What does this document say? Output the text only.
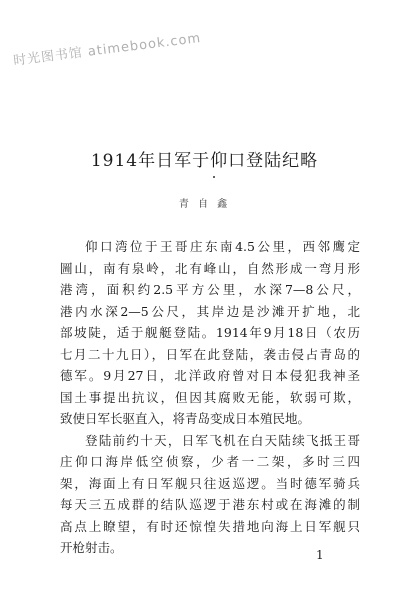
时光图书馆 atimebook.com
1914年日军于仰口登陆纪略
青 自 鑫
仰口湾位于王哥庄东南4.5公里，西邻鹰定
圌山，南有泉岭，北有峰山，自然形成一弯月形
港湾，面积约2.5平方公里，水深7—8公尺，
港内水深2—5公尺，其岸边是沙滩开扩地，北
部坡陡，适于舰艇登陆。1914年9月18日（农历
七月二十九日），日军在此登陆，袭击侵占青岛的
德军。9月27日，北洋政府曾对日本侵犯我神圣
国土事提出抗议，但因其腐败无能，软弱可欺，
致使日军长驱直入，将青岛变成日本殖民地。
登陆前约十天，日军飞机在白天陆续飞抵王哥
庄仰口海岸低空侦察，少者一二架，多时三四
架，海面上有日军舰只往返巡逻。当时德军骑兵
每天三五成群的结队巡逻于港东村或在海滩的制
高点上瞭望，有时还惊惶失措地向海上日军舰只
开枪射击。	1
